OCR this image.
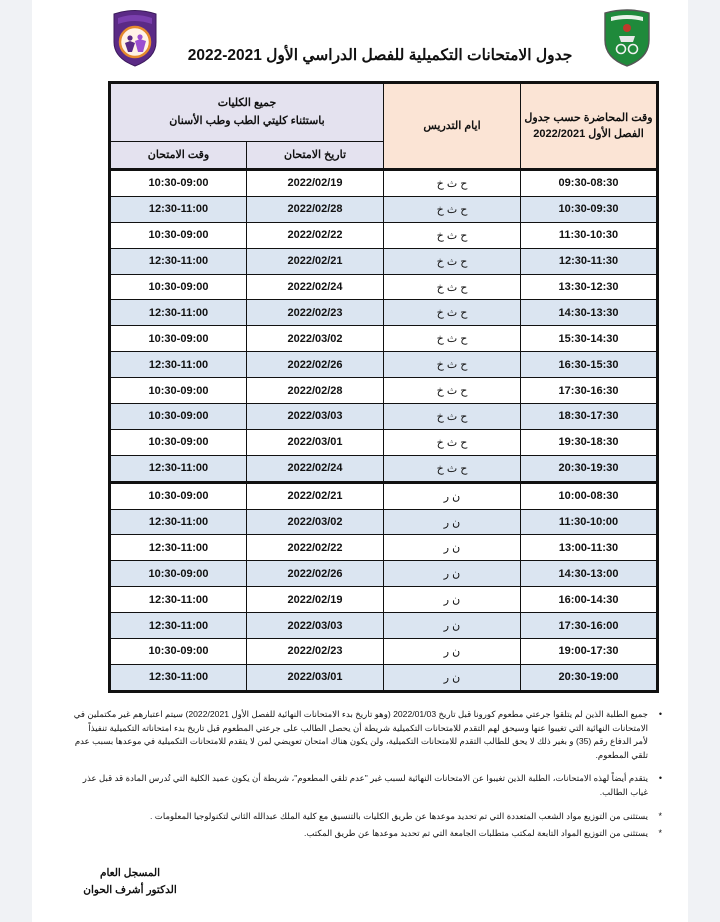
جدول الامتحانات التكميلية للفصل الدراسي الأول 2021-2022
وقت المحاضرة حسب جدول
الفصل الأول 2022/2021
	ايام التدريس	
جميع الكليات
باستثناء كليتي الطب وطب الأسنان

		تاريخ الامتحان	وقت الامتحان
09:30-08:30	ح ث خ	2022/02/19	10:30-09:00
10:30-09:30	ح ث خ	2022/02/28	12:30-11:00
11:30-10:30	ح ث خ	2022/02/22	10:30-09:00
12:30-11:30	ح ث خ	2022/02/21	12:30-11:00
13:30-12:30	ح ث خ	2022/02/24	10:30-09:00
14:30-13:30	ح ث خ	2022/02/23	12:30-11:00
15:30-14:30	ح ث خ	2022/03/02	10:30-09:00
16:30-15:30	ح ث خ	2022/02/26	12:30-11:00
17:30-16:30	ح ث خ	2022/02/28	10:30-09:00
18:30-17:30	ح ث خ	2022/03/03	10:30-09:00
19:30-18:30	ح ث خ	2022/03/01	10:30-09:00
20:30-19:30	ح ث خ	2022/02/24	12:30-11:00
10:00-08:30	ن ر	2022/02/21	10:30-09:00
11:30-10:00	ن ر	2022/03/02	12:30-11:00
13:00-11:30	ن ر	2022/02/22	12:30-11:00
14:30-13:00	ن ر	2022/02/26	10:30-09:00
16:00-14:30	ن ر	2022/02/19	12:30-11:00
17:30-16:00	ن ر	2022/03/03	12:30-11:00
19:00-17:30	ن ر	2022/02/23	10:30-09:00
20:30-19:00	ن ر	2022/03/01	12:30-11:00
•
جميع الطلبة الذين لم يتلقوا جرعتي مطعوم كورونا قبل تاريخ 2022/01/03 (وهو تاريخ بدء الامتحانات النهائية للفصل الأول 2022/2021) سيتم اعتبارهم غير مكتملين في الامتحانات النهائية التي تغيبوا عنها وسيحق لهم التقدم للامتحانات التكميلية شريطة أن يحصل الطالب على جرعتي المطعوم قبل تاريخ بدء امتحاناته التكميلية تنفيذاً لأمر الدفاع رقم (35) و بغير ذلك لا يحق للطالب التقدم للامتحانات التكميلية، ولن يكون هناك امتحان تعويضي لمن لا يتقدم للامتحانات التكميلية في موعدها بسبب عدم تلقي المطعوم.
•
يتقدم أيضاً لهذه الامتحانات، الطلبة الذين تغيبوا عن الامتحانات النهائية لسبب غير "عدم تلقي المطعوم"، شريطة أن يكون عميد الكلية التي تُدرس المادة قد قبل عذر غياب الطالب.
*
يستثنى من التوزيع مواد الشعب المتعددة التي تم تحديد موعدها عن طريق الكليات بالتنسيق مع كلية الملك عبدالله الثاني لتكنولوجيا المعلومات .
*
يستثنى من التوزيع المواد التابعة لمكتب متطلبات الجامعة التي تم تحديد موعدها عن طريق المكتب.
المسجل العام
الدكتور أشرف الحوان
